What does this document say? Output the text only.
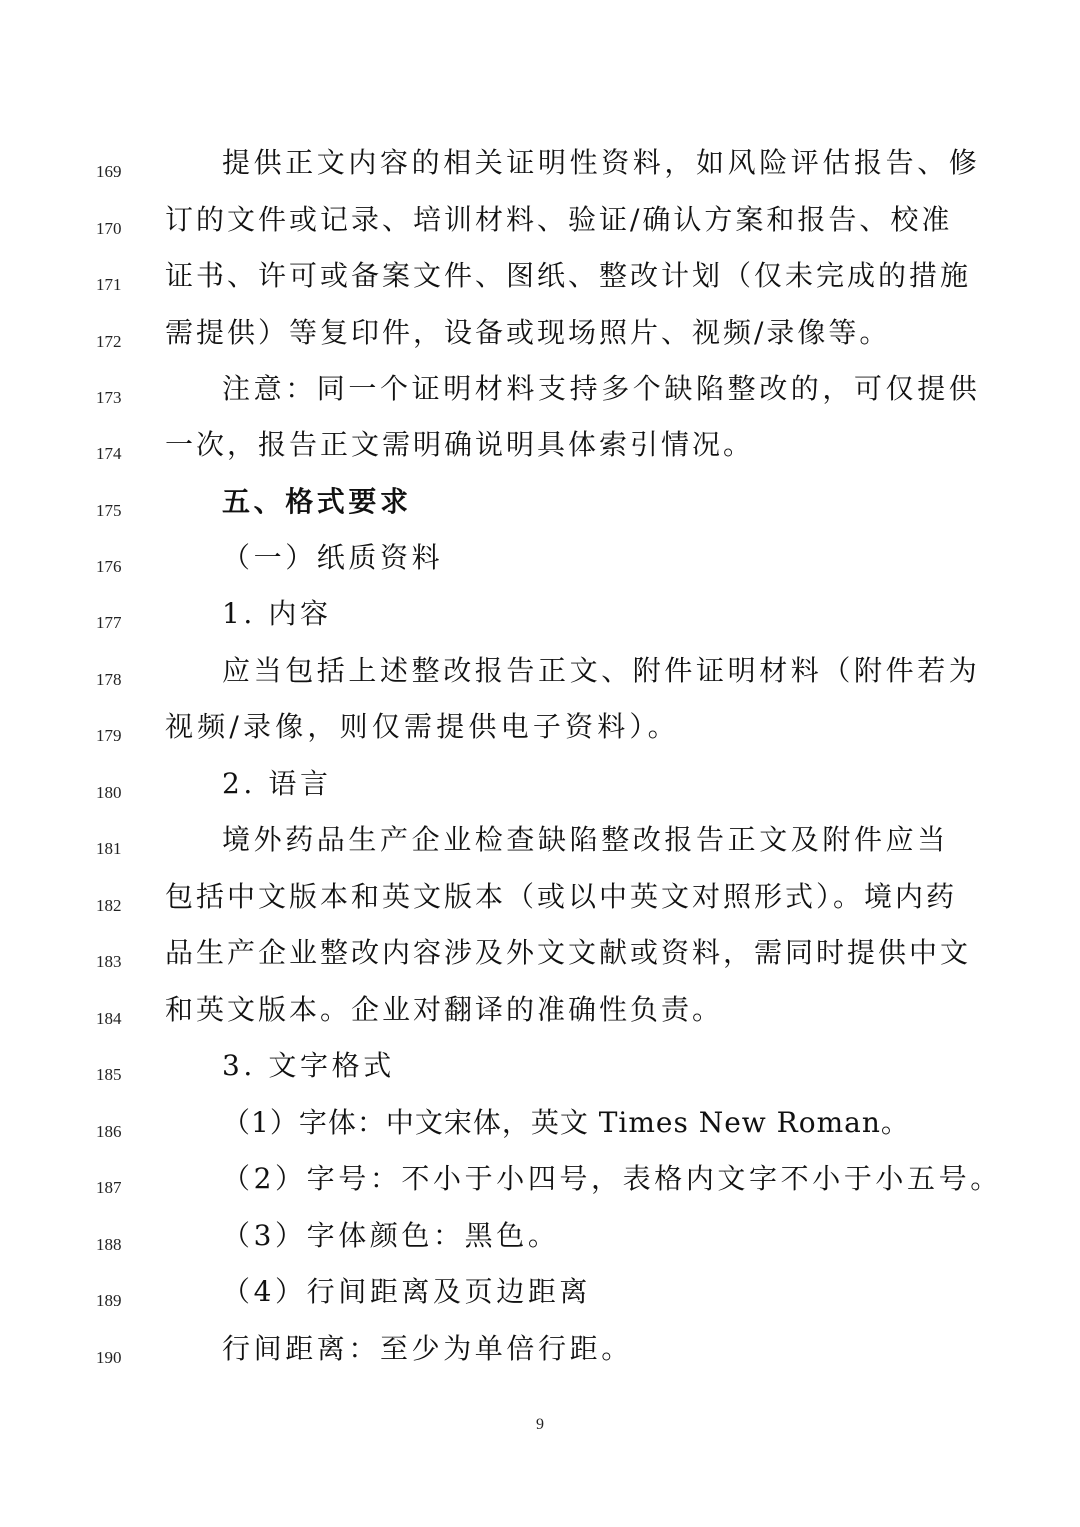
169	提供正文内容的相关证明性资料，如风险评估报告、修
170	订的文件或记录、培训材料、验证/确认方案和报告、校准
171	证书、许可或备案文件、图纸、整改计划（仅未完成的措施
172	需提供）等复印件，设备或现场照片、视频/录像等。
173	注意：同一个证明材料支持多个缺陷整改的，可仅提供
174	一次，报告正文需明确说明具体索引情况。
175	五、格式要求
176	（一）纸质资料
177	1. 内容
178	应当包括上述整改报告正文、附件证明材料（附件若为
179	视频/录像，则仅需提供电子资料）。
180	2. 语言
181	境外药品生产企业检查缺陷整改报告正文及附件应当
182	包括中文版本和英文版本（或以中英文对照形式）。境内药
183	品生产企业整改内容涉及外文文献或资料，需同时提供中文
184	和英文版本。企业对翻译的准确性负责。
185	3. 文字格式
186	（1）字体：中文宋体，英文 Times New Roman。
187	（2）字号：不小于小四号，表格内文字不小于小五号。
188	（3）字体颜色：黑色。
189	（4）行间距离及页边距离
190	行间距离：至少为单倍行距。
9
